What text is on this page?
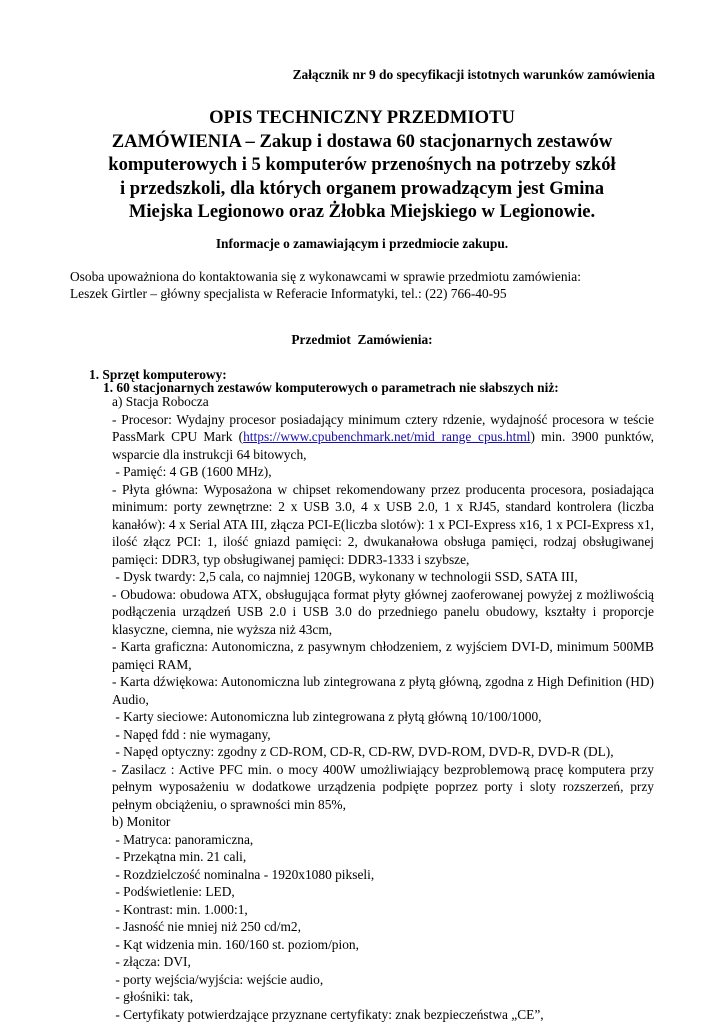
Załącznik nr 9 do specyfikacji istotnych warunków zamówienia
OPIS TECHNICZNY PRZEDMIOTU
ZAMÓWIENIA – Zakup i dostawa 60 stacjonarnych zestawów
komputerowych i 5 komputerów przenośnych na potrzeby szkół
i przedszkoli, dla których organem prowadzącym jest Gmina
Miejska Legionowo oraz Żłobka Miejskiego w Legionowie.
Informacje o zamawiającym i przedmiocie zakupu.
Osoba upoważniona do kontaktowania się z wykonawcami w sprawie przedmiotu zamówienia:
Leszek Girtler – główny specjalista w Referacie Informatyki, tel.: (22) 766-40-95
Przedmiot  Zamówienia:
1. Sprzęt komputerowy:
1. 60 stacjonarnych zestawów komputerowych o parametrach nie słabszych niż:
a) Stacja Robocza
- Procesor: Wydajny procesor posiadający minimum cztery rdzenie, wydajność procesora w teście
PassMark CPU Mark (https://www.cpubenchmark.net/mid_range_cpus.html) min. 3900 punktów,
wsparcie dla instrukcji 64 bitowych,
- Pamięć: 4 GB (1600 MHz),
- Płyta główna: Wyposażona w chipset rekomendowany przez producenta procesora, posiadająca
minimum: porty zewnętrzne: 2 x USB 3.0, 4 x USB 2.0, 1 x RJ45, standard kontrolera (liczba
kanałów): 4 x Serial ATA III, złącza PCI-E(liczba slotów): 1 x PCI-Express x16, 1 x PCI-Express x1,
ilość złącz PCI: 1, ilość gniazd pamięci: 2, dwukanałowa obsługa pamięci, rodzaj obsługiwanej
pamięci: DDR3, typ obsługiwanej pamięci: DDR3-1333 i szybsze,
- Dysk twardy: 2,5 cala, co najmniej 120GB, wykonany w technologii SSD, SATA III,
- Obudowa: obudowa ATX, obsługująca format płyty głównej zaoferowanej powyżej z możliwością
podłączenia urządzeń USB 2.0 i USB 3.0 do przedniego panelu obudowy, kształty i proporcje
klasyczne, ciemna, nie wyższa niż 43cm,
- Karta graficzna: Autonomiczna, z pasywnym chłodzeniem, z wyjściem DVI-D, minimum 500MB
pamięci RAM,
- Karta dźwiękowa: Autonomiczna lub zintegrowana z płytą główną, zgodna z High Definition (HD)
Audio,
- Karty sieciowe: Autonomiczna lub zintegrowana z płytą główną 10/100/1000,
- Napęd fdd : nie wymagany,
- Napęd optyczny: zgodny z CD-ROM, CD-R, CD-RW, DVD-ROM, DVD-R, DVD-R (DL),
- Zasilacz : Active PFC min. o mocy 400W umożliwiający bezproblemową pracę komputera przy
pełnym wyposażeniu w dodatkowe urządzenia podpięte poprzez porty i sloty rozszerzeń, przy
pełnym obciążeniu, o sprawności min 85%,
b) Monitor
- Matryca: panoramiczna,
- Przekątna min. 21 cali,
- Rozdzielczość nominalna - 1920x1080 pikseli,
- Podświetlenie: LED,
- Kontrast: min. 1.000:1,
- Jasność nie mniej niż 250 cd/m2,
- Kąt widzenia min. 160/160 st. poziom/pion,
- złącza: DVI,
- porty wejścia/wyjścia: wejście audio,
- głośniki: tak,
- Certyfikaty potwierdzające przyznane certyfikaty: znak bezpieczeństwa „CE”,
